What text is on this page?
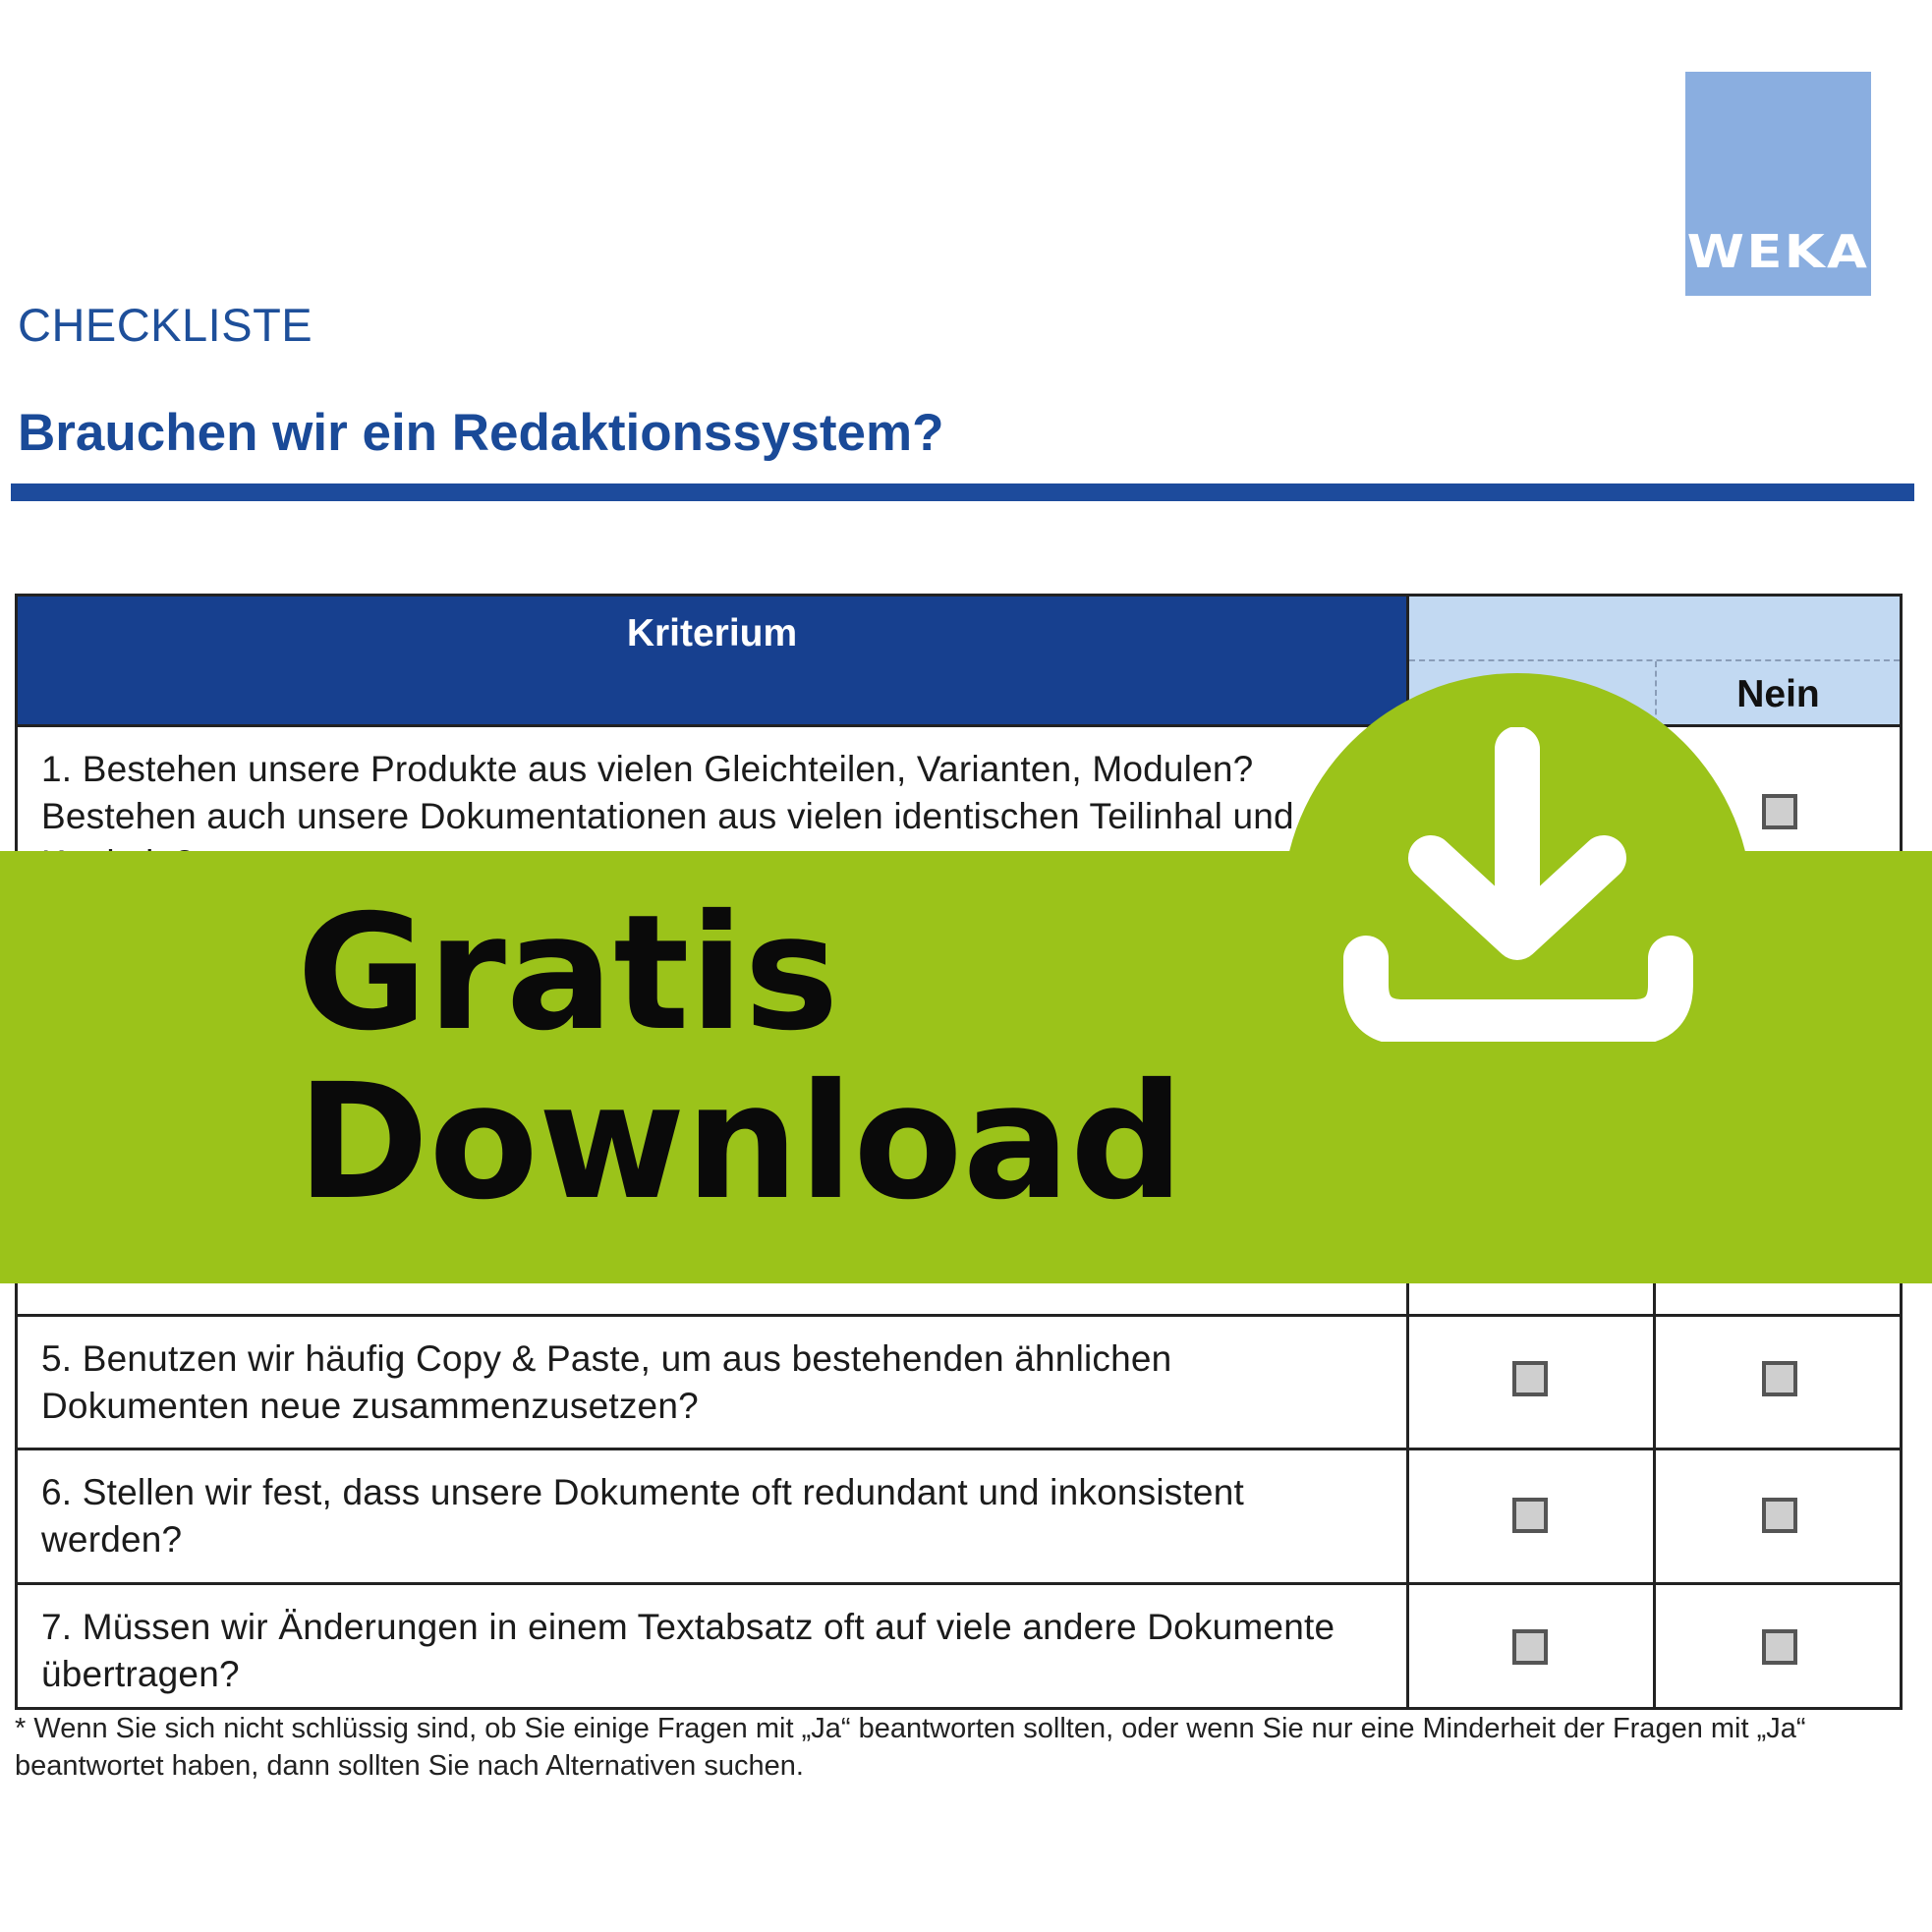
WEKA
CHECKLISTE
Brauchen wir ein Redaktionssystem?
Kriterium
Nein
1. Bestehen unsere Produkte aus vielen Gleichteilen, Varianten, Modulen? Bestehen auch unsere Dokumentationen aus vielen identischen Teilinhal und
5. Benutzen wir häufig Copy & Paste, um aus bestehenden ähnlichen Dokumenten neue zusammenzusetzen?
6. Stellen wir fest, dass unsere Dokumente oft redundant und inkonsistent werden?
7. Müssen wir Änderungen in einem Textabsatz oft auf viele andere Dokumente übertragen?
* Wenn Sie sich nicht schlüssig sind, ob Sie einige Fragen mit „Ja“ beantworten sollten, oder wenn Sie nur eine Minderheit der Fragen mit „Ja“ beantwortet haben, dann sollten Sie nach Alternativen suchen.
Gratis
Download
